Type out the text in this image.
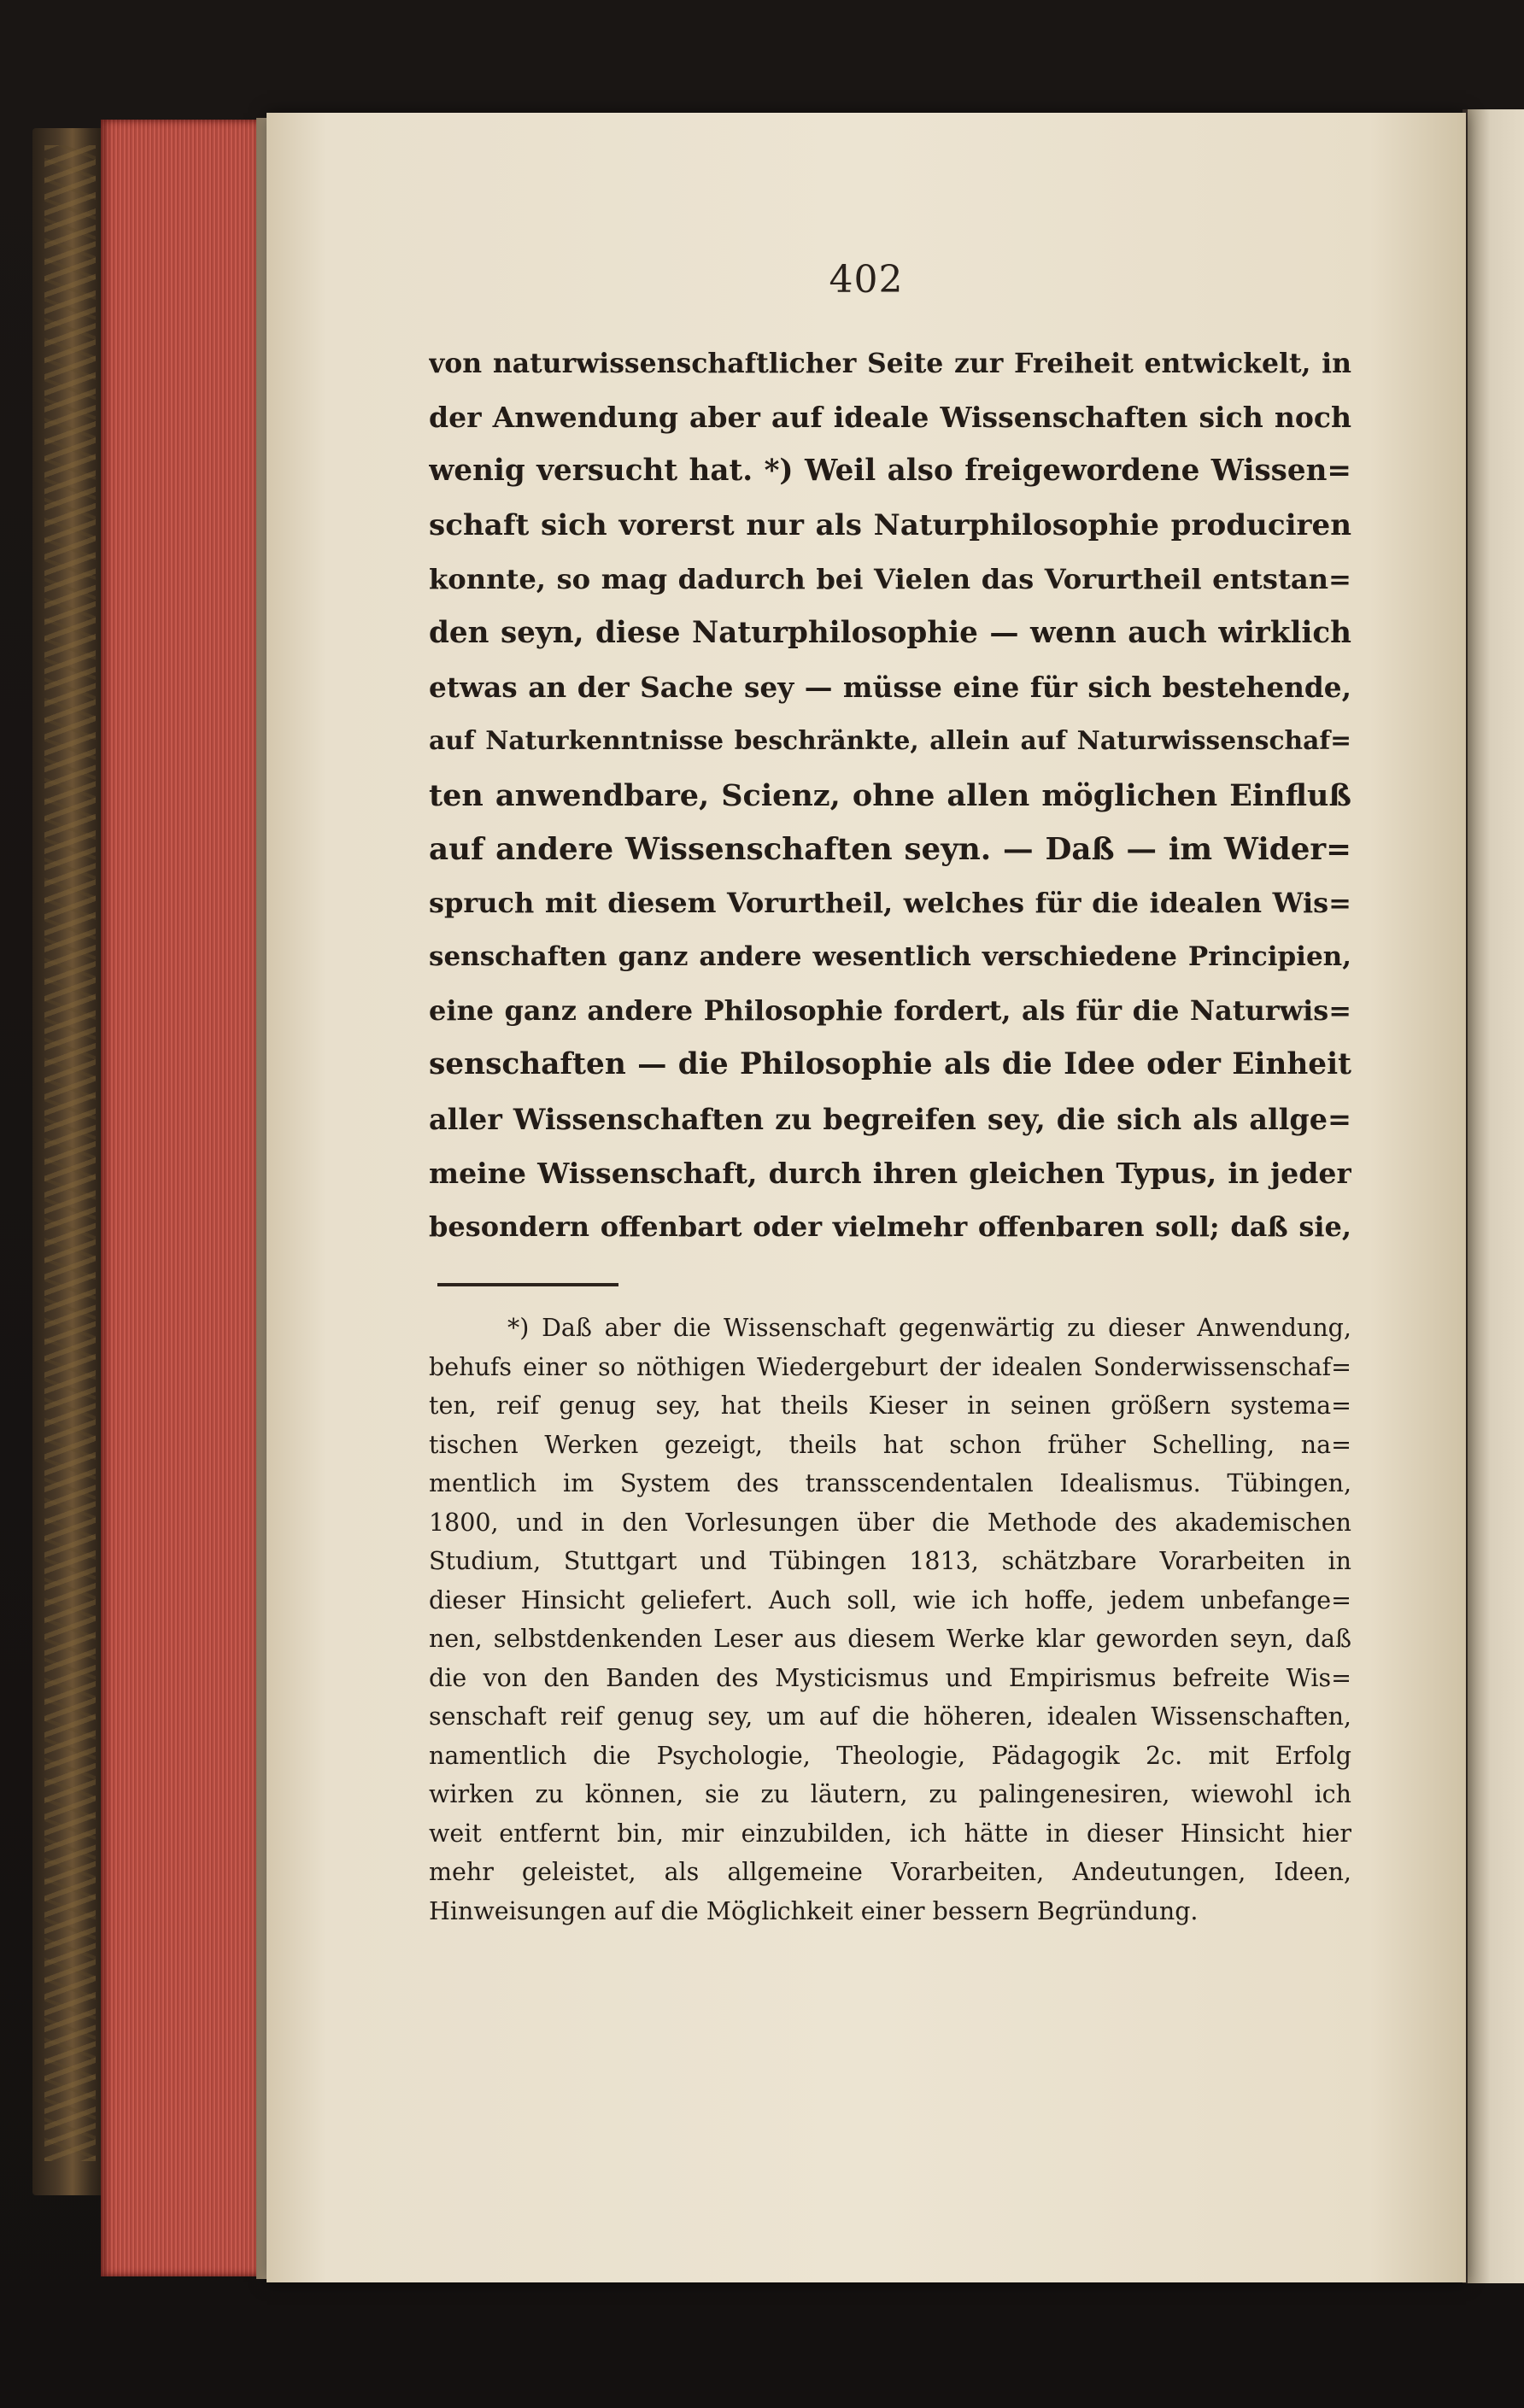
402
von naturwissenschaftlicher Seite zur Freiheit entwickelt, in
der Anwendung aber auf ideale Wissenschaften sich noch
wenig versucht hat. *) Weil also freigewordene Wissen=
schaft sich vorerst nur als Naturphilosophie produciren
konnte, so mag dadurch bei Vielen das Vorurtheil entstan=
den seyn, diese Naturphilosophie — wenn auch wirklich
etwas an der Sache sey — müsse eine für sich bestehende,
auf Naturkenntnisse beschränkte, allein auf Naturwissenschaf=
ten anwendbare, Scienz, ohne allen möglichen Einfluß
auf andere Wissenschaften seyn. — Daß — im Wider=
spruch mit diesem Vorurtheil, welches für die idealen Wis=
senschaften ganz andere wesentlich verschiedene Principien,
eine ganz andere Philosophie fordert, als für die Naturwis=
senschaften — die Philosophie als die Idee oder Einheit
aller Wissenschaften zu begreifen sey, die sich als allge=
meine Wissenschaft, durch ihren gleichen Typus, in jeder
besondern offenbart oder vielmehr offenbaren soll; daß sie,
*) Daß aber die Wissenschaft gegenwärtig zu dieser Anwendung,
behufs einer so nöthigen Wiedergeburt der idealen Sonderwissenschaf=
ten, reif genug sey, hat theils Kieser in seinen größern systema=
tischen Werken gezeigt, theils hat schon früher Schelling, na=
mentlich im System des transscendentalen Idealismus. Tübingen,
1800, und in den Vorlesungen über die Methode des akademischen
Studium, Stuttgart und Tübingen 1813, schätzbare Vorarbeiten in
dieser Hinsicht geliefert. Auch soll, wie ich hoffe, jedem unbefange=
nen, selbstdenkenden Leser aus diesem Werke klar geworden seyn, daß
die von den Banden des Mysticismus und Empirismus befreite Wis=
senschaft reif genug sey, um auf die höheren, idealen Wissenschaften,
namentlich die Psychologie, Theologie, Pädagogik 2c. mit Erfolg
wirken zu können, sie zu läutern, zu palingenesiren, wiewohl ich
weit entfernt bin, mir einzubilden, ich hätte in dieser Hinsicht hier
mehr geleistet, als allgemeine Vorarbeiten, Andeutungen, Ideen,
Hinweisungen auf die Möglichkeit einer bessern Begründung.
